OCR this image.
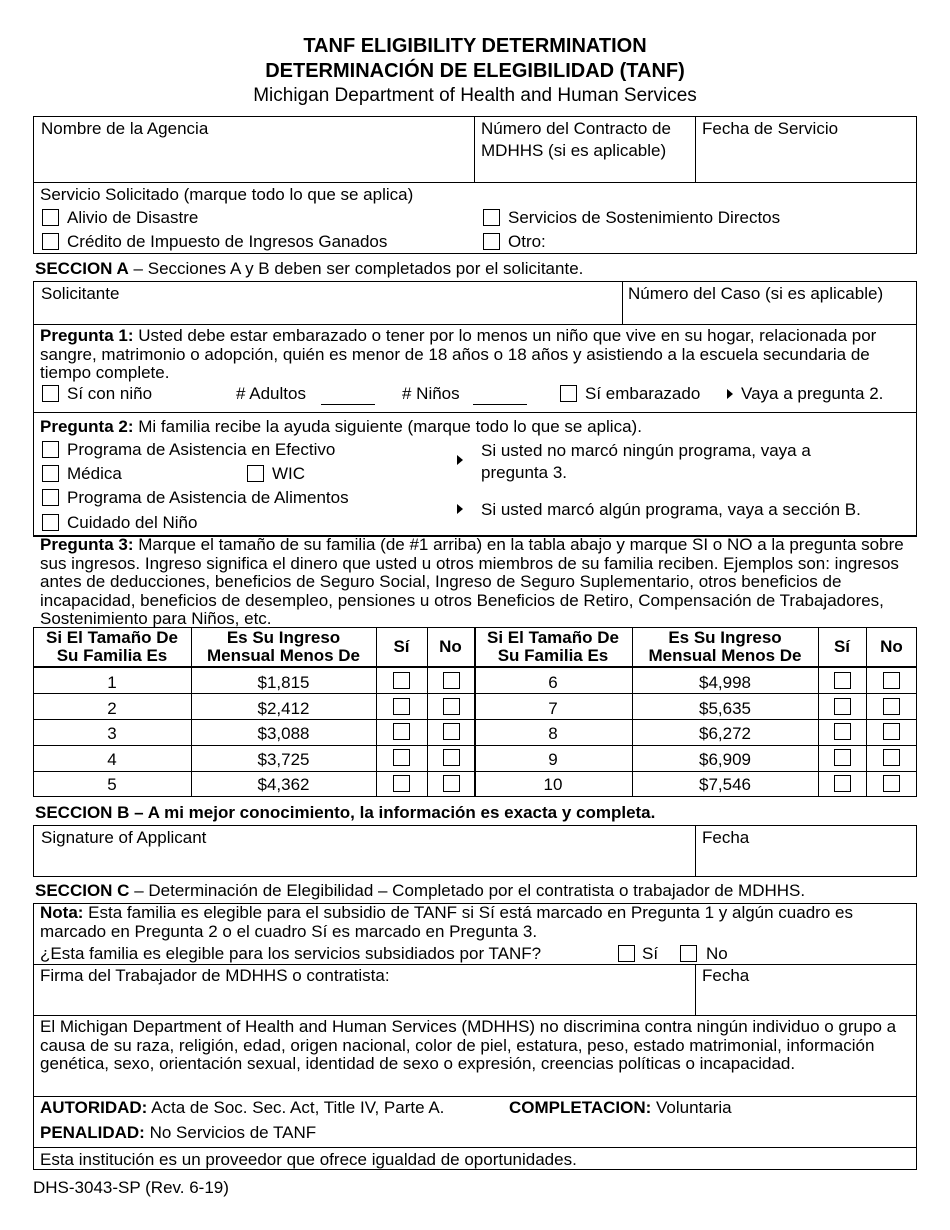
TANF ELIGIBILITY DETERMINATION
DETERMINACIÓN DE ELEGIBILIDAD (TANF)
Michigan Department of Health and Human Services
Nombre de la Agencia	Número del Contracto de
MDHHS (si es aplicable)
Fecha de Servicio
Servicio Solicitado (marque todo lo que se aplica)
Alivio de Disastre
Crédito de Impuesto de Ingresos Ganados
Servicios de Sostenimiento Directos
Otro:
SECCION A – Secciones A y B deben ser completados por el solicitante.
Solicitante	Número del Caso (si es aplicable)
Pregunta 1: Usted debe estar embarazado o tener por lo menos un niño que vive en su hogar, relacionada por sangre, matrimonio o adopción, quién es menor de 18 años o 18 años y asistiendo a la escuela secundaria de tiempo complete.
Sí con niño	# Adultos	# Niños	Sí embarazado Vaya a pregunta 2.
Pregunta 2: Mi familia recibe la ayuda siguiente (marque todo lo que se aplica).
Programa de Asistencia en Efectivo
Médica	WIC
Programa de Asistencia de Alimentos
Cuidado del Niño
Si usted no marcó ningún programa, vaya a
pregunta 3.
Si usted marcó algún programa, vaya a sección B.
Pregunta 3: Marque el tamaño de su familia (de #1 arriba) en la tabla abajo y marque SI o NO a la pregunta sobre sus ingresos. Ingreso significa el dinero que usted u otros miembros de su familia reciben. Ejemplos son: ingresos antes de deducciones, beneficios de Seguro Social, Ingreso de Seguro Suplementario, otros beneficios de incapacidad, beneficios de desempleo, pensiones u otros Beneficios de Retiro, Compensación de Trabajadores, Sostenimiento para Niños, etc.
Si El Tamaño De
Su Familia Es
Es Su Ingreso
Mensual Menos De	Sí	No	Si El Tamaño De
Su Familia Es
Es Su Ingreso
Mensual Menos De	Sí	No
1	$1,815
2	$2,412
3	$3,088
4	$3,725
5	$4,362
6	$4,998
7	$5,635
8	$6,272
9	$6,909
10	$7,546
SECCION B – A mi mejor conocimiento, la información es exacta y completa.
Signature of Applicant	Fecha
SECCION C – Determinación de Elegibilidad – Completado por el contratista o trabajador de MDHHS.
Nota: Esta familia es elegible para el subsidio de TANF si Sí está marcado en Pregunta 1 y algún cuadro es marcado en Pregunta 2 o el cuadro Sí es marcado en Pregunta 3.
¿Esta familia es elegible para los servicios subsidiados por TANF?	Sí	No
Firma del Trabajador de MDHHS o contratista:	Fecha
El Michigan Department of Health and Human Services (MDHHS) no discrimina contra ningún individuo o grupo a causa de su raza, religión, edad, origen nacional, color de piel, estatura, peso, estado matrimonial, información genética, sexo, orientación sexual, identidad de sexo o expresión, creencias políticas o incapacidad.
AUTORIDAD: Acta de Soc. Sec. Act, Title IV, Parte A.	COMPLETACION: Voluntaria
PENALIDAD: No Servicios de TANF
Esta institución es un proveedor que ofrece igualdad de oportunidades.
DHS-3043-SP (Rev. 6-19)
